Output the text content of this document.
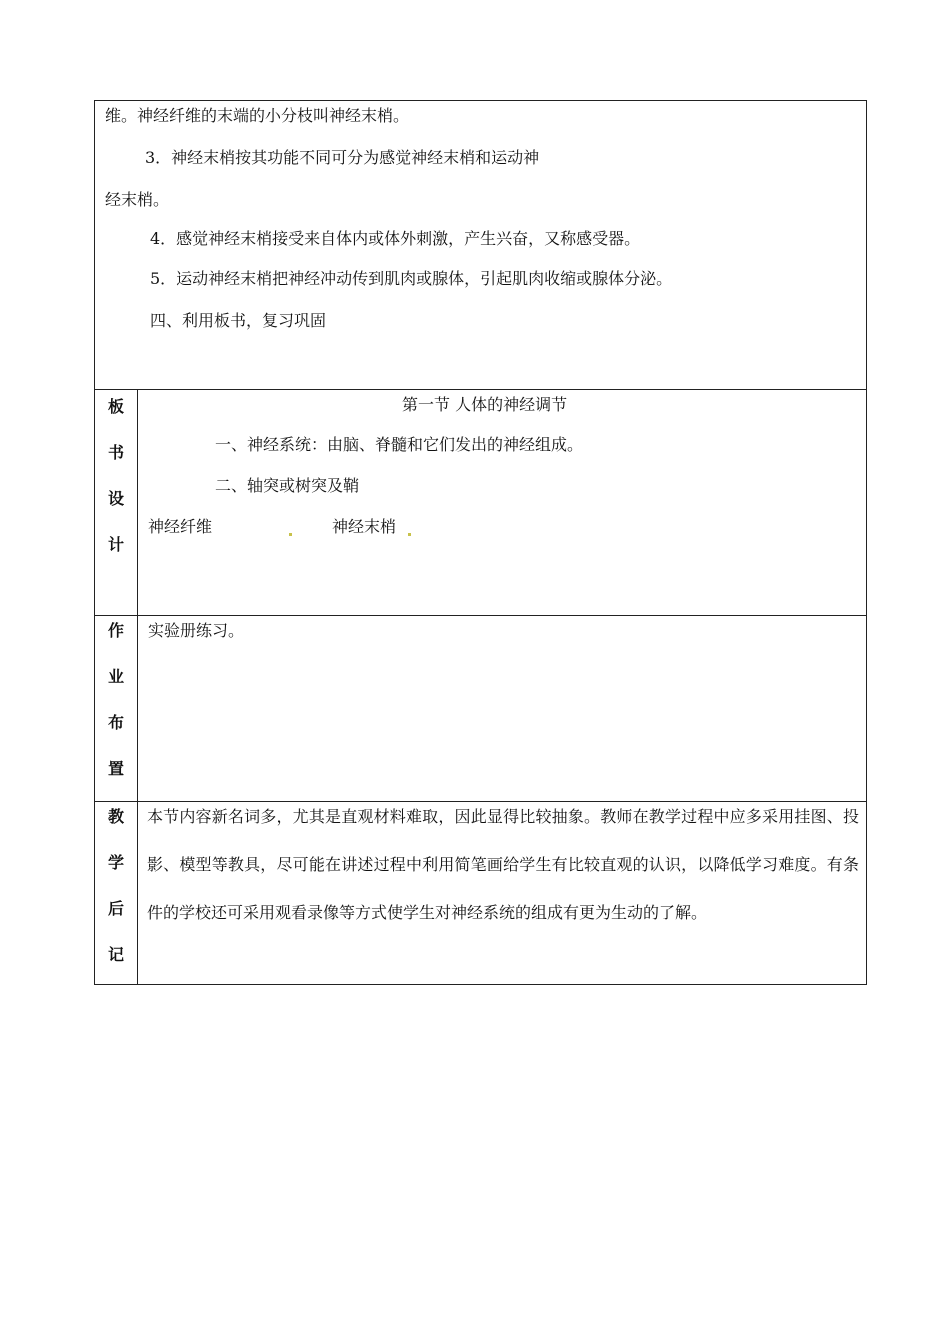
维。神经纤维的末端的小分枝叫神经末梢。
3．神经末梢按其功能不同可分为感觉神经末梢和运动神
经末梢。
4．感觉神经末梢接受来自体内或体外刺激，产生兴奋，又称感受器。
5．运动神经末梢把神经冲动传到肌肉或腺体，引起肌肉收缩或腺体分泌。
四、利用板书，复习巩固
板
书
设
计
第一节 人体的神经调节
一、神经系统：由脑、脊髓和它们发出的神经组成。
二、轴突或树突及鞘
神经纤维	神经末梢
作
业
布
置
实验册练习。
教
学
后
记
本节内容新名词多，尤其是直观材料难取，因此显得比较抽象。教师在教学过程中应多采用挂图、投影、模型等教具，尽可能在讲述过程中利用简笔画给学生有比较直观的认识，以降低学习难度。有条件的学校还可采用观看录像等方式使学生对神经系统的组成有更为生动的了解。
